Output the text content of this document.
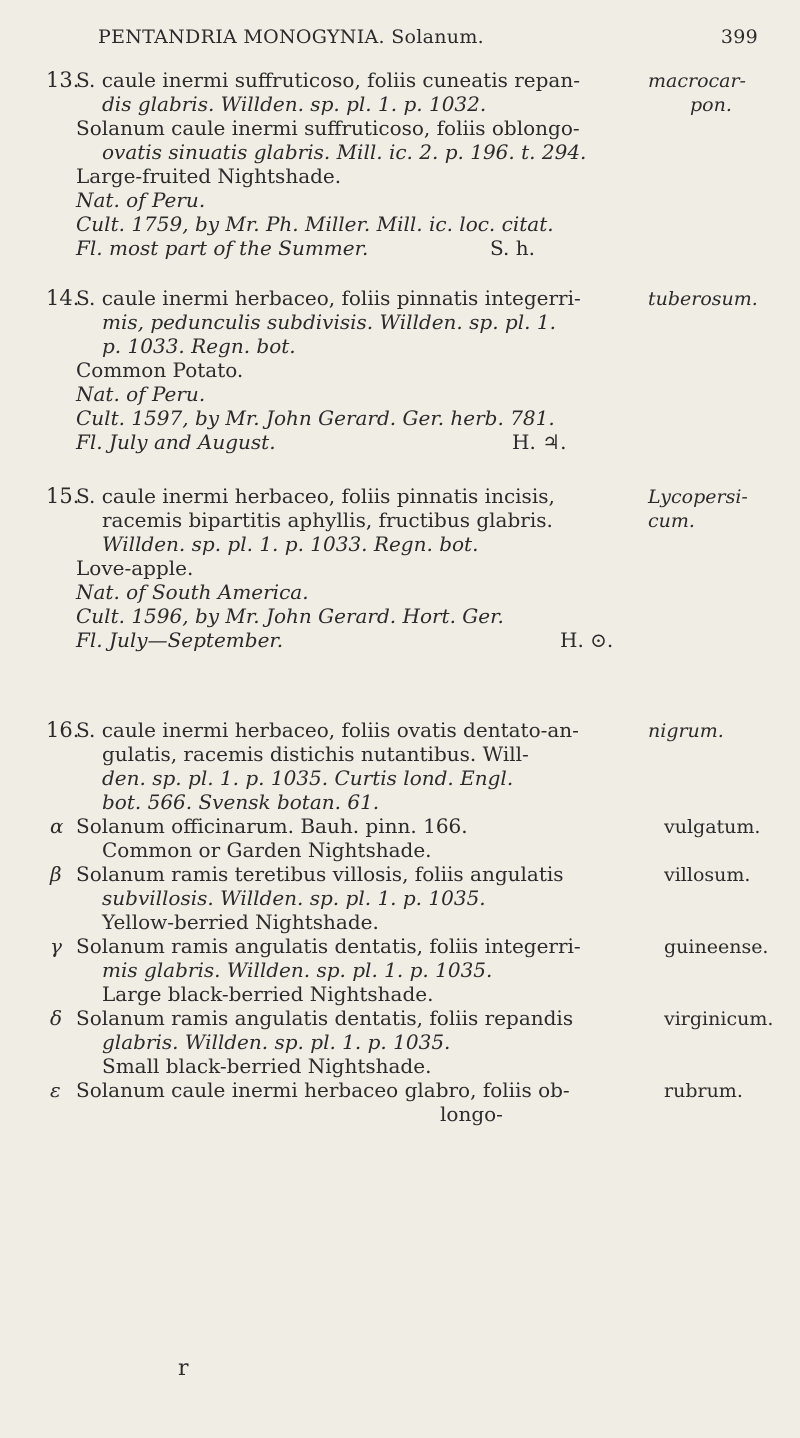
PENTANDRIA MONOGYNIA. Solanum.	399
13.
S. caule inermi suffruticoso, foliis cuneatis repan-	macrocar-
dis glabris. Willden. sp. pl. 1. p. 1032.	pon.
Solanum caule inermi suffruticoso, foliis oblongo-
ovatis sinuatis glabris. Mill. ic. 2. p. 196. t. 294.
Large-fruited Nightshade.
Nat. of Peru.
Cult. 1759, by Mr. Ph. Miller. Mill. ic. loc. citat.
Fl. most part of the Summer.	S. h.
14.
S. caule inermi herbaceo, foliis pinnatis integerri-	tuberosum.
mis, pedunculis subdivisis. Willden. sp. pl. 1.
p. 1033. Regn. bot.
Common Potato.
Nat. of Peru.
Cult. 1597, by Mr. John Gerard. Ger. herb. 781.
Fl. July and August.	H. ♃.
15.
S. caule inermi herbaceo, foliis pinnatis incisis,	Lycopersi-
racemis bipartitis aphyllis, fructibus glabris.	cum.
Willden. sp. pl. 1. p. 1033. Regn. bot.
Love-apple.
Nat. of South America.
Cult. 1596, by Mr. John Gerard. Hort. Ger.
Fl. July—September.	H. ⊙.
16.
S. caule inermi herbaceo, foliis ovatis dentato-an-	nigrum.
gulatis, racemis distichis nutantibus. Will-
den. sp. pl. 1. p. 1035. Curtis lond. Engl.
bot. 566. Svensk botan. 61.
α Solanum officinarum. Bauh. pinn. 166.	vulgatum.
Common or Garden Nightshade.
β Solanum ramis teretibus villosis, foliis angulatis	villosum.
subvillosis. Willden. sp. pl. 1. p. 1035.
Yellow-berried Nightshade.
γ Solanum ramis angulatis dentatis, foliis integerri-	guineense.
mis glabris. Willden. sp. pl. 1. p. 1035.
Large black-berried Nightshade.
δ Solanum ramis angulatis dentatis, foliis repandis	virginicum.
glabris. Willden. sp. pl. 1. p. 1035.
Small black-berried Nightshade.
ε Solanum caule inermi herbaceo glabro, foliis ob-	rubrum.
longo-
r
